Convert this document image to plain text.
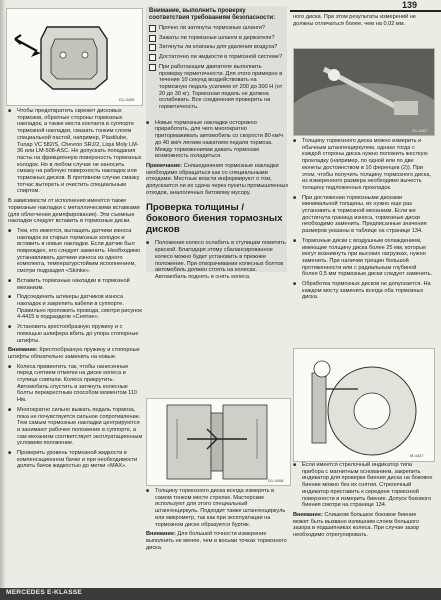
139
D1-4409
■ Чтобы предотвратить скрежет дисковых тормозов, обратные стороны тормозных накладок, а также места контакта в суппорте тормозной накладки, смазать тонким слоем специальной пастой, например, Plastilube, Tunap VC 582/S, Chevron SRJ/2, Liqui Moly LM-36 или LM-508-ASC. Не допускать попадания пасты на фрикционную поверхность тормозных колодок. Но в любом случае не наносить смазку на рабочую поверхность накладок или тормозных дисков. В противном случае смазку тотчас вытереть и очистить специальным спиртом.
В зависимости от исполнения имеются также тормозные накладки с металлическими вставками (для облегчения демпфирования). Эти съемные накладки следует вставить в тормозные диски.
■ Тем, кто имеется, вытащить датчики износа накладок из старых тормозных колодок и вставить в новые накладки. Если датчик был поврежден, его следует заменить. Необходимо устанавливать датчики износа из одного комплекта, температурстойким исполнением, смотри подраздел «Skinke».
■ Вставить тормозные накладки в тормозной механизм.
■ Подсоединить штекеры датчиков износа накладок и закрепить кабели в суппорте. Правильно проложить провода, смотри рисунок 4-4415 в подразделе «Снятие».
■ Установить крестообразную пружину и с помощью шлифера вбить до упора стопорные штифты.
Внимание: Крестообразную пружину и стопорные штифты обязательно заменить на новые.
■ Колеса привинтить так, чтобы нанесенные перед снятием отметки на диске колеса и ступице совпали. Колеса прикрутить. Автомобиль спустить и затянуть колесные болты перекрестным способом моментом 110 Нм.
■ Многократно сильно выжать педаль тормоза, пока не почувствуется сильное сопротивление. Тем самым тормозные накладки центрируются и занимают рабочее положение в суппорте, а сам механизм соответствует эксплуатационным условиям положение.
■ Проверить уровень тормозной жидкости в компенсационном бачке и при необходимости долить бачок жидкостью до метки «MAX».
Внимание, выполнить проверку соответствия требованиям безопасности:
Прочно ли затянуты тормозные шланги?
Зажаты ли тормозные шланги в держателе?
Затянуты ли клапаны для удаления воздуха?
Достаточно ли жидкости в тормозной системе?
При работающем двигателе выполнить проверку герметичности. Для этого примерно в течение 10 секунд воздействовать на тормозную педаль усилием от 200 до 300 Н (от 20 до 30 кг). Тормозная педаль не должна ослабевать. Все соединения проверить на герметичность.
■ Новые тормозные накладки осторожно приработать, для чего многократно притормаживать автомобиль со скорости 80 км/ч до 40 км/ч легким нажатием педали тормоза. Между торможениями давать тормозам возможность охладиться.
Примечание: Сняшединения тормозные накладки необходимо обращаться как со специальными отходами. Местные власти информируют о том, допускается ли их сдача через пункты промышленных отходов, аналогичных битовому мусору.
Проверка толщины / бокового биения тормозных дисков
■ Положение колесо ослабить в ступицам пометить краской. Благодаря этому сбалансированное колесо можно будет установить в прежнее положение. При отворачивании колесных болтов автомобиль должен стоять на колесах. Автомобиль поднять и снять колеса.
D1-4408
■ Толщину тормозного диска всегда измерять в самом тонком месте стрелке. Мастерские используют для этого специальный штангенциркуль. Подходит также штангенциркуль или микрометр, так как при эксплуатации на тормозном диске образуется буртик.
Внимание: Для большей точности измерение выполнить не менее, чем в восьми точках тормозного диска.
ного диска. При этом результаты измерений не должны отличаться более, чем на 0,02 мм.
D1-4407
■ Толщину тормозного диска можно измерить и обычным штангенциркулем, однако тогда с каждой стороны диска нужно положить жесткую прокладку (например, по одной или по две монеты достоинством в 10 ференцев (2)). При этом, чтобы получить толщину тормозного диска, из измеренного размера необходимо вычесть толщину подложенных прокладок.
■ При достижении тормозными дисками минимальной толщины, их нужно еще раз установить в тормозной механизм. Если же достигнута граница износа, тормозные диски необходимо заменить. Предписанные значения размеров указаны в таблице на странице 134.
■ Тормозные диски с воздушным охлаждением, имеющие толщину диска более 25 мм, которые могут возникнуть при высоких нагрузках, нужно заменить. При наличии трещин большой протяженности или с радиальным глубиной более 0,5 мм тормозные диски следует заменить.
■ Обработка тормозных дисков не допускается. На каждом мосту заменить всегда оба тормозных диска.
M-4437
■ Если имеется стрелочный индикатор типа прибора с магнитным основанием, закрепить индикатор для проверки биения диска на боковое биение можно без их снятия. Стрелочный индикатор приставить к середине тормозной поверхности и измерить биение. Допуск бокового биения смотри на странице 134.
Внимание: Слишком большое боковое биение может быть вызвано излишним слоем большого зазора в подшипниках колеса. При случае зазор необходимо отрегулировать.
MERCEDES E-KLASSE
